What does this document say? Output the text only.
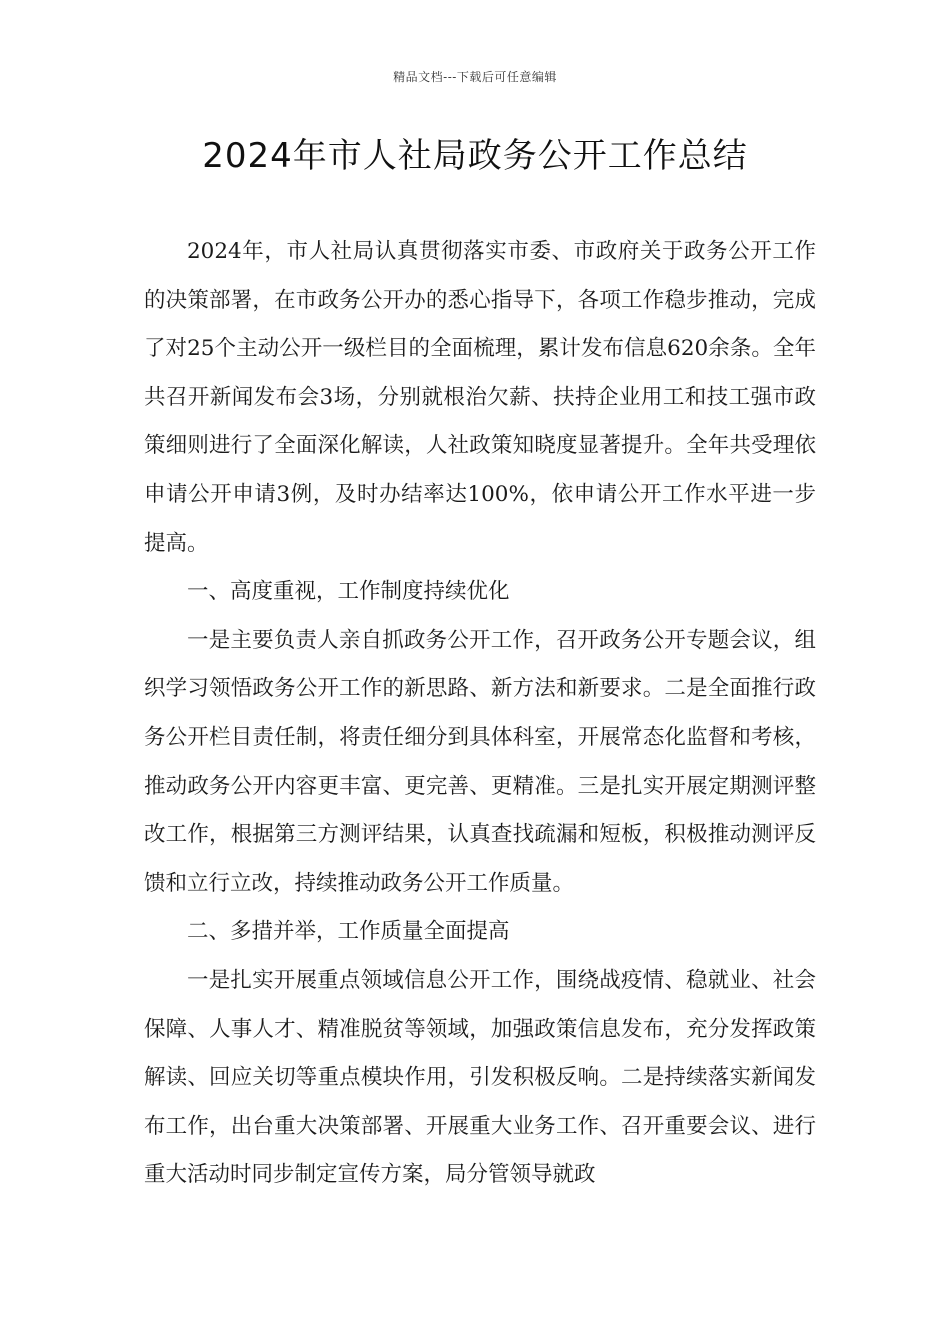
精品文档---下载后可任意编辑
2024年市人社局政务公开工作总结

2024年，市人社局认真贯彻落实市委、市政府关于政务公开工作的决策部署，在市政务公开办的悉心指导下，各项工作稳步推动，完成了对25个主动公开一级栏目的全面梳理，累计发布信息620余条。全年共召开新闻发布会3场，分别就根治欠薪、扶持企业用工和技工强市政策细则进行了全面深化解读，人社政策知晓度显著提升。全年共受理依申请公开申请3例，及时办结率达100%，依申请公开工作水平进一步提高。

一、高度重视，工作制度持续优化

一是主要负责人亲自抓政务公开工作，召开政务公开专题会议，组织学习领悟政务公开工作的新思路、新方法和新要求。二是全面推行政务公开栏目责任制，将责任细分到具体科室，开展常态化监督和考核，推动政务公开内容更丰富、更完善、更精准。三是扎实开展定期测评整改工作，根据第三方测评结果，认真查找疏漏和短板，积极推动测评反馈和立行立改，持续推动政务公开工作质量。

二、多措并举，工作质量全面提高

一是扎实开展重点领域信息公开工作，围绕战疫情、稳就业、社会保障、人事人才、精准脱贫等领域，加强政策信息发布，充分发挥政策解读、回应关切等重点模块作用，引发积极反响。二是持续落实新闻发布工作，出台重大决策部署、开展重大业务工作、召开重要会议、进行重大活动时同步制定宣传方案，局分管领导就政
